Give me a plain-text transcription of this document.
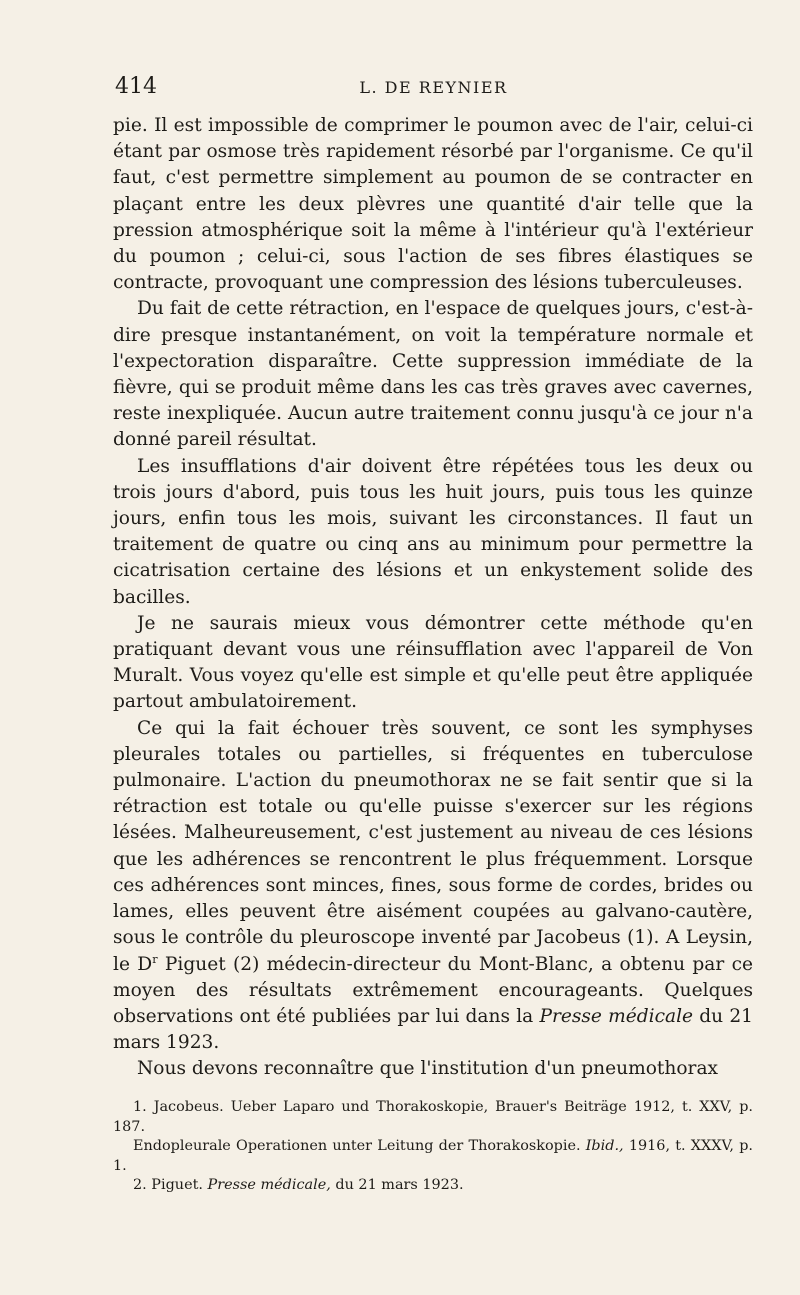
414	L. DE REYNIER

pie. Il est impossible de comprimer le poumon avec de l'air, celui-ci étant par osmose très rapidement résorbé par l'organisme. Ce qu'il faut, c'est permettre simplement au poumon de se contracter en plaçant entre les deux plèvres une quantité d'air telle que la pression atmosphérique soit la même à l'intérieur qu'à l'extérieur du poumon ; celui-ci, sous l'action de ses fibres élastiques se contracte, provoquant une compression des lésions tuberculeuses.

Du fait de cette rétraction, en l'espace de quelques jours, c'est-à-dire presque instantanément, on voit la température normale et l'expectoration disparaître. Cette suppression immédiate de la fièvre, qui se produit même dans les cas très graves avec cavernes, reste inexpliquée. Aucun autre traitement connu jusqu'à ce jour n'a donné pareil résultat.

Les insufflations d'air doivent être répétées tous les deux ou trois jours d'abord, puis tous les huit jours, puis tous les quinze jours, enfin tous les mois, suivant les circonstances. Il faut un traitement de quatre ou cinq ans au minimum pour permettre la cicatrisation certaine des lésions et un enkystement solide des bacilles.

Je ne saurais mieux vous démontrer cette méthode qu'en pratiquant devant vous une réinsufflation avec l'appareil de Von Muralt. Vous voyez qu'elle est simple et qu'elle peut être appliquée partout ambulatoirement.

Ce qui la fait échouer très souvent, ce sont les symphyses pleurales totales ou partielles, si fréquentes en tuberculose pulmonaire. L'action du pneumothorax ne se fait sentir que si la rétraction est totale ou qu'elle puisse s'exercer sur les régions lésées. Malheureusement, c'est justement au niveau de ces lésions que les adhérences se rencontrent le plus fréquemment. Lorsque ces adhérences sont minces, fines, sous forme de cordes, brides ou lames, elles peuvent être aisément coupées au galvano-cautère, sous le contrôle du pleuroscope inventé par Jacobeus (1). A Leysin, le $D^r$ Piguet (2) médecin-directeur du Mont-Blanc, a obtenu par ce moyen des résultats extrêmement encourageants. Quelques observations ont été publiées par lui dans la Presse médicale du 21 mars 1923.

Nous devons reconnaître que l'institution d'un pneumothorax

1. Jacobeus. Ueber Laparo und Thorakoskopie, Brauer's Beiträge 1912, t. XXV, p. 187.

Endopleurale Operationen unter Leitung der Thorakoskopie. Ibid., 1916, t. XXXV, p. 1.

2. Piguet. Presse médicale, du 21 mars 1923.
